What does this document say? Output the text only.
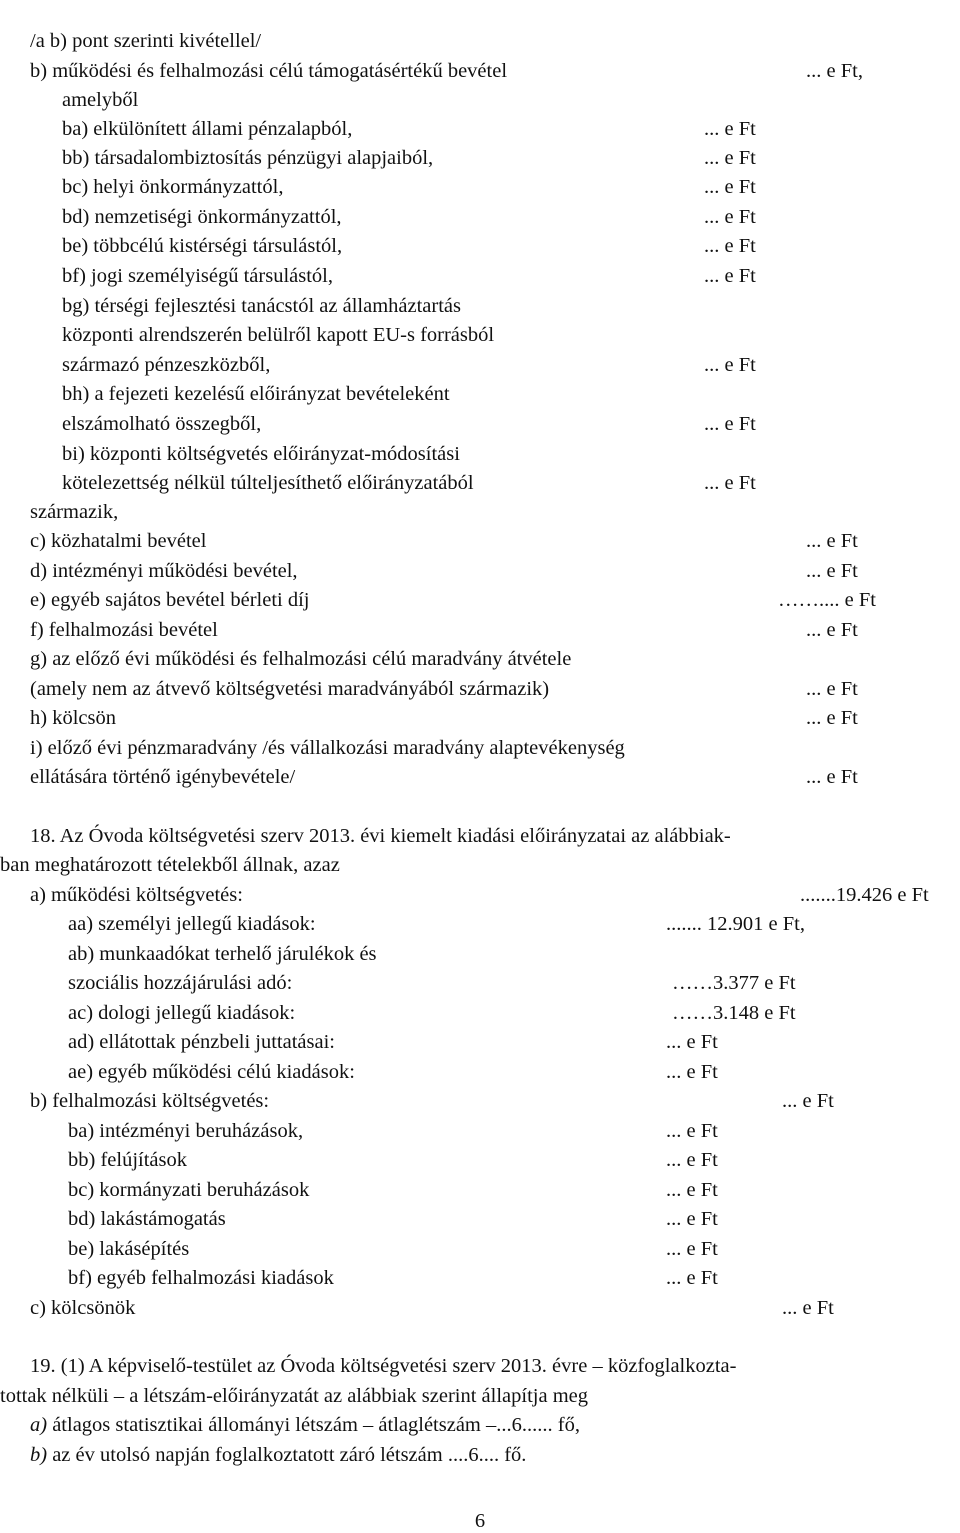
/a b) pont szerinti kivétellel/
b) működési és felhalmozási célú támogatásértékű bevétel	... e Ft,
amelyből
ba) elkülönített állami pénzalapból,	... e Ft
bb) társadalombiztosítás pénzügyi alapjaiból,	... e Ft
bc) helyi önkormányzattól,	... e Ft
bd) nemzetiségi önkormányzattól,	... e Ft
be) többcélú kistérségi társulástól,	... e Ft
bf) jogi személyiségű társulástól,	... e Ft
bg) térségi fejlesztési tanácstól az államháztartás
központi alrendszerén belülről kapott EU-s forrásból
származó pénzeszközből,	... e Ft
bh) a fejezeti kezelésű előirányzat bevételeként
elszámolható összegből,	... e Ft
bi) központi költségvetés előirányzat-módosítási
kötelezettség nélkül túlteljesíthető előirányzatából	... e Ft
származik,
c) közhatalmi bevétel	... e Ft
d) intézményi működési bevétel,	... e Ft
e) egyéb sajátos bevétel bérleti díj	…….... e Ft
f) felhalmozási bevétel	... e Ft
g) az előző évi működési és felhalmozási célú maradvány átvétele
(amely nem az átvevő költségvetési maradványából származik)	... e Ft
h) kölcsön	... e Ft
i) előző évi pénzmaradvány /és vállalkozási maradvány alaptevékenység
ellátására történő igénybevétele/	... e Ft
18. Az Óvoda költségvetési szerv 2013. évi kiemelt kiadási előirányzatai az alábbiak-
ban meghatározott tételekből állnak, azaz
a) működési költségvetés:	.......19.426 e Ft
aa) személyi jellegű kiadások:	....... 12.901 e Ft,
ab) munkaadókat terhelő járulékok és
szociális hozzájárulási adó:	……3.377 e Ft
ac) dologi jellegű kiadások:	……3.148 e Ft
ad) ellátottak pénzbeli juttatásai:	... e Ft
ae) egyéb működési célú kiadások:	... e Ft
b) felhalmozási költségvetés:	... e Ft
ba) intézményi beruházások,	... e Ft
bb) felújítások	... e Ft
bc) kormányzati beruházások	... e Ft
bd) lakástámogatás	... e Ft
be) lakásépítés	... e Ft
bf) egyéb felhalmozási kiadások	... e Ft
c) kölcsönök	... e Ft
19. (1) A képviselő-testület az Óvoda költségvetési szerv 2013. évre – közfoglalkozta-
tottak nélküli – a létszám-előirányzatát az alábbiak szerint állapítja meg
a) átlagos statisztikai állományi létszám – átlaglétszám –...6...... fő,
b) az év utolsó napján foglalkoztatott záró létszám ....6.... fő.
6
